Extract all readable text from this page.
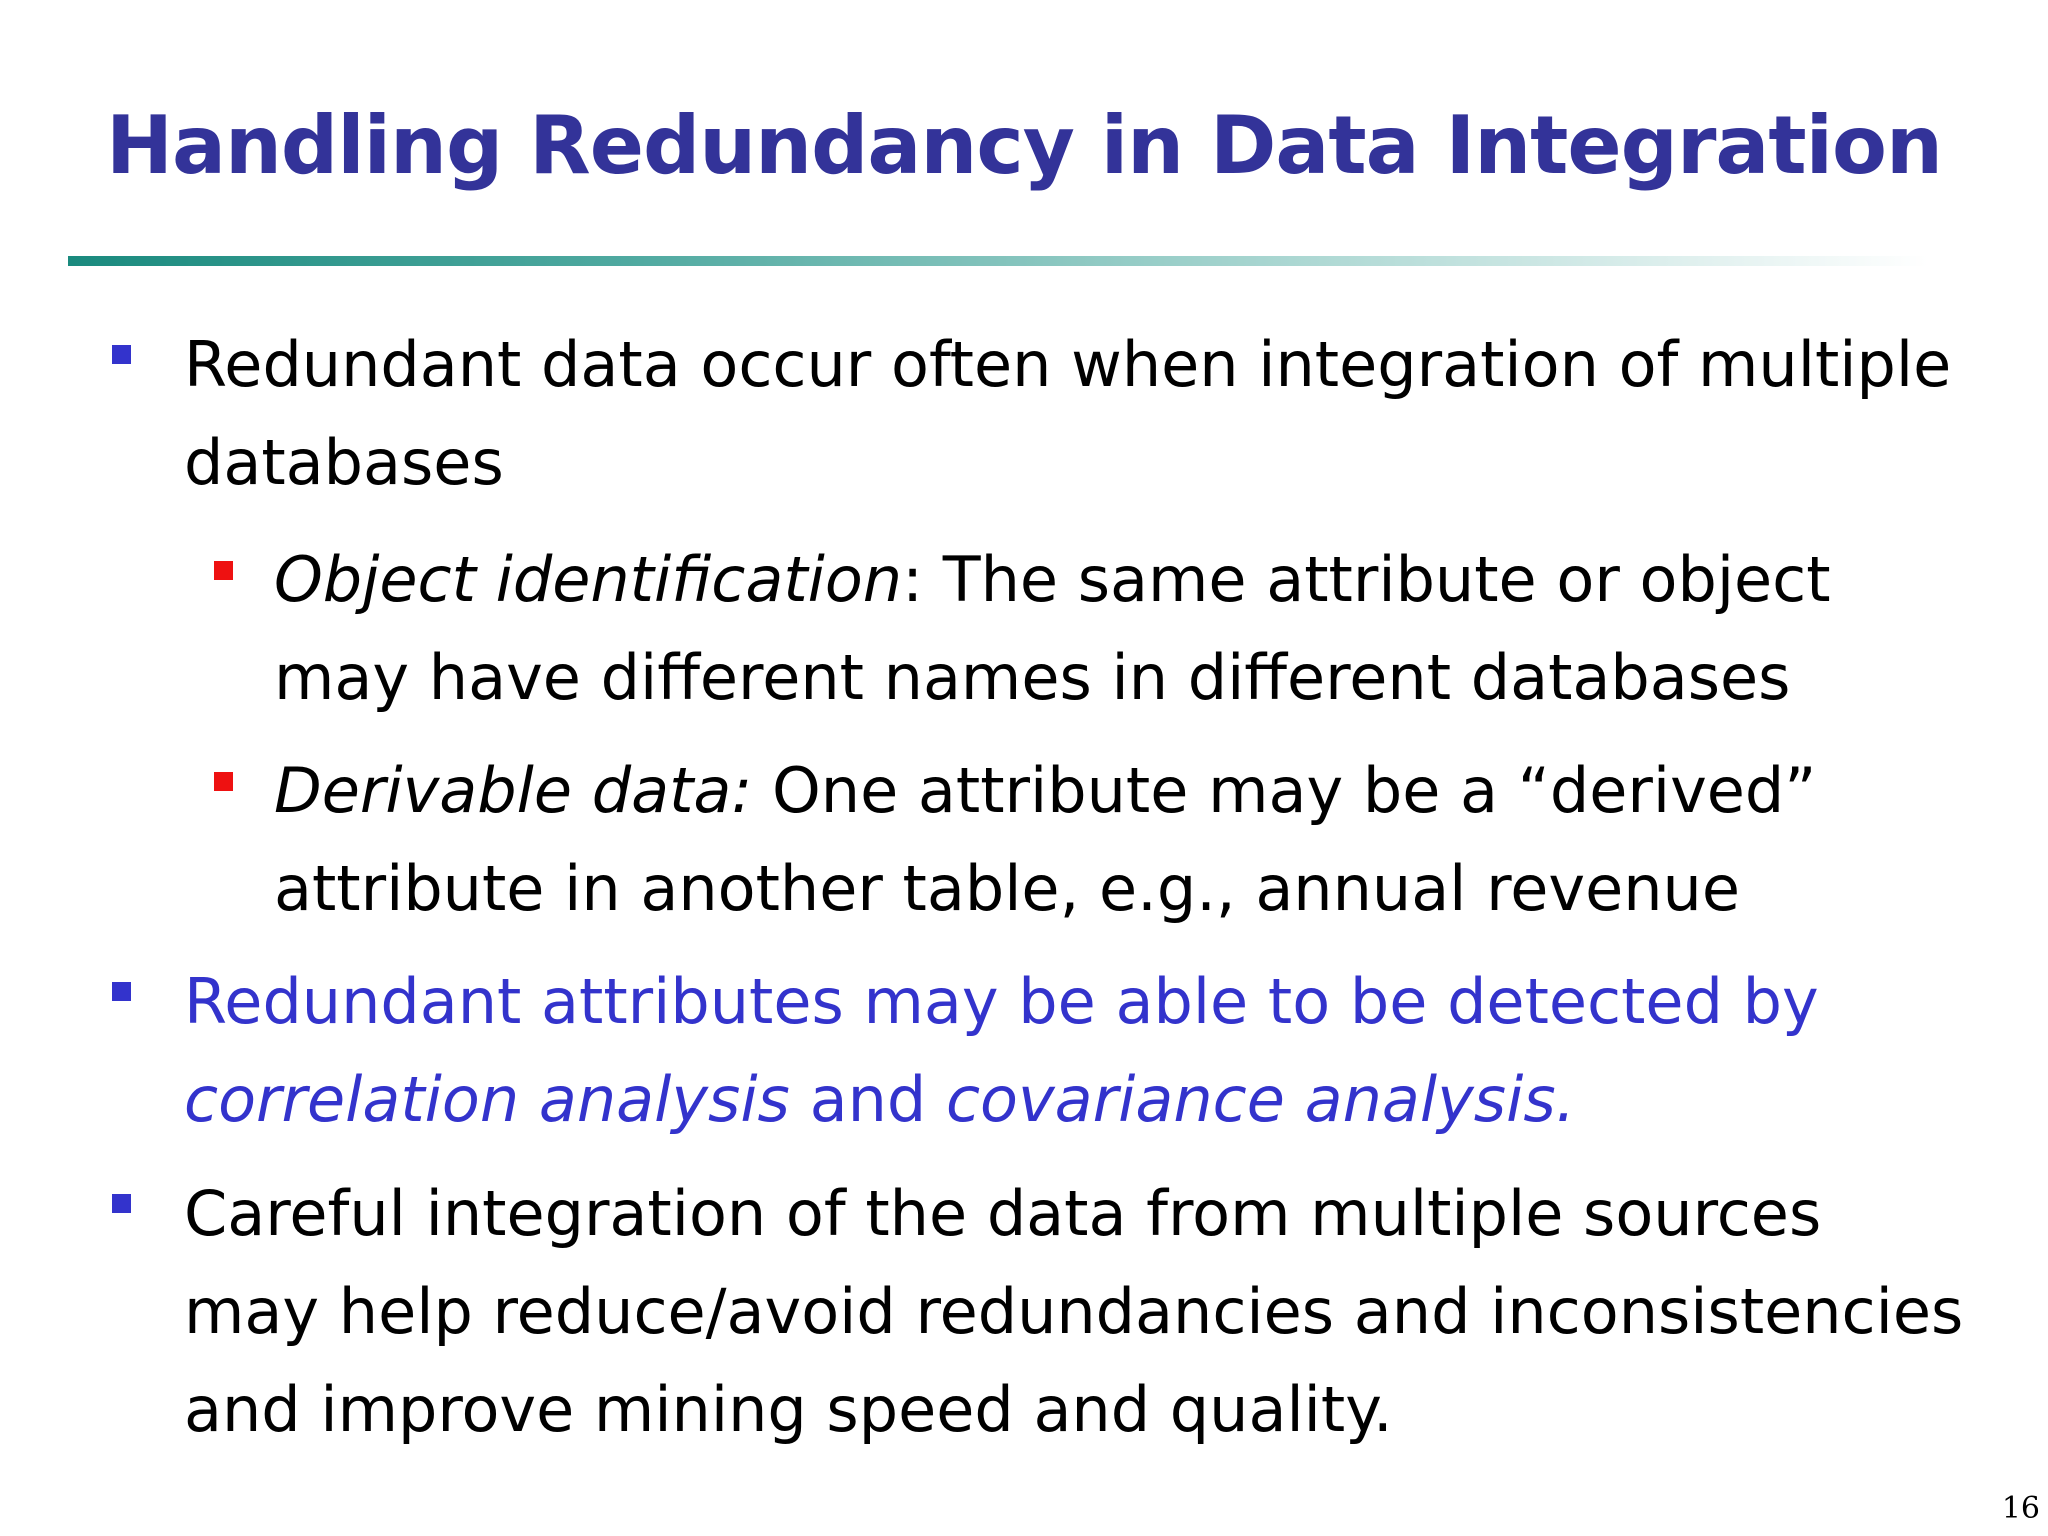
Handling Redundancy in Data Integration
Redundant data occur often when integration of multiple databases
Object identification: The same attribute or object may have different names in different databases
Derivable data: One attribute may be a “derived” attribute in another table, e.g., annual revenue
Redundant attributes may be able to be detected by correlation analysis and covariance analysis.
Careful integration of the data from multiple sources may help reduce/avoid redundancies and inconsistencies and improve mining speed and quality.
16
